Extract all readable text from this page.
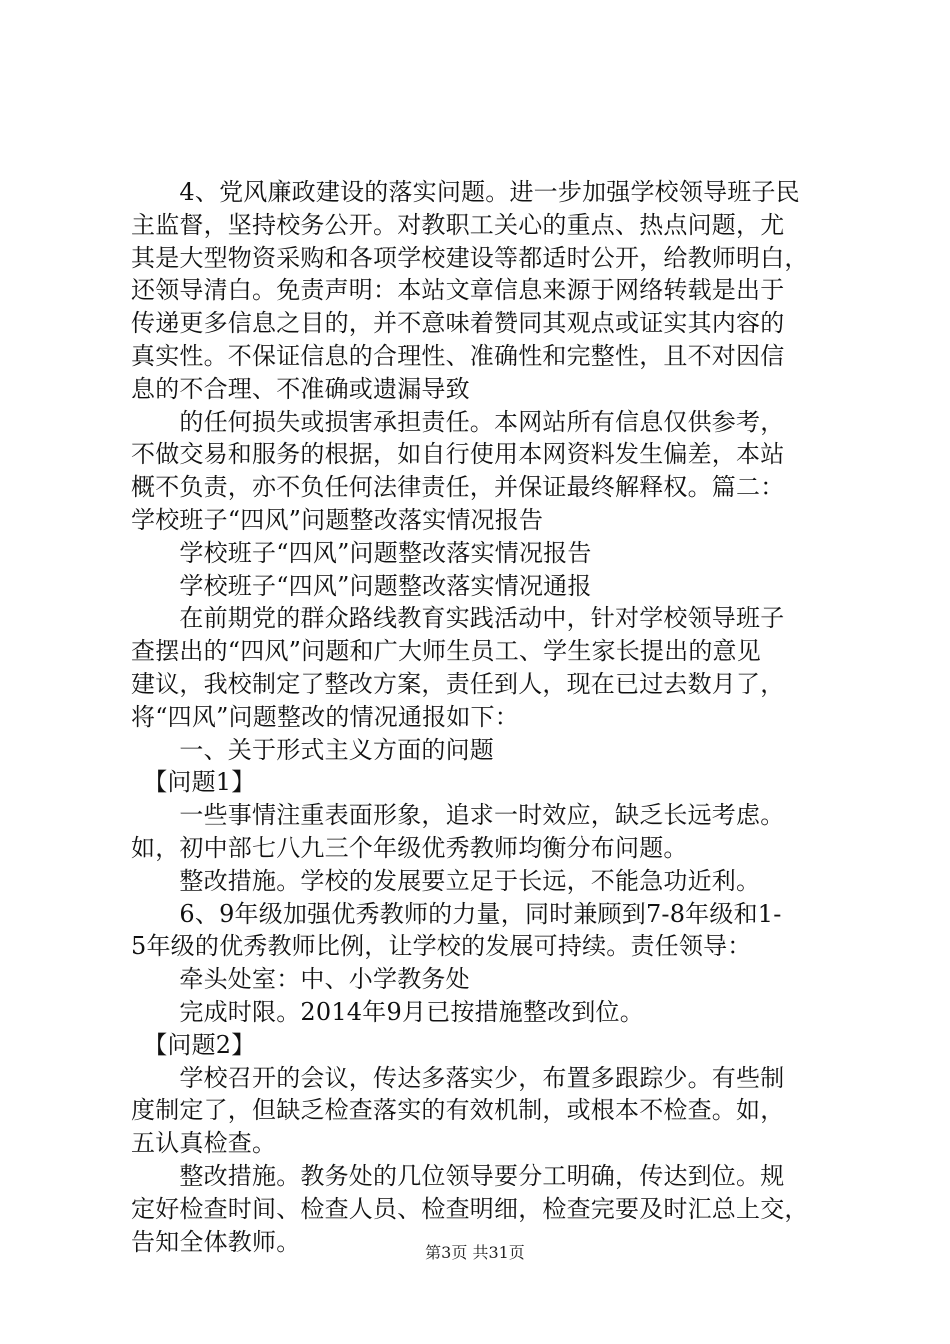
　　4、党风廉政建设的落实问题。进一步加强学校领导班子民
主监督，坚持校务公开。对教职工关心的重点、热点问题，尤
其是大型物资采购和各项学校建设等都适时公开，给教师明白，
还领导清白。免责声明：本站文章信息来源于网络转载是出于
传递更多信息之目的，并不意味着赞同其观点或证实其内容的
真实性。不保证信息的合理性、准确性和完整性，且不对因信
息的不合理、不准确或遗漏导致
　　的任何损失或损害承担责任。本网站所有信息仅供参考，
不做交易和服务的根据，如自行使用本网资料发生偏差，本站
概不负责，亦不负任何法律责任，并保证最终解释权。篇二：
学校班子“四风”问题整改落实情况报告
　　学校班子“四风”问题整改落实情况报告
　　学校班子“四风”问题整改落实情况通报
　　在前期党的群众路线教育实践活动中，针对学校领导班子
查摆出的“四风”问题和广大师生员工、学生家长提出的意见
建议，我校制定了整改方案，责任到人，现在已过去数月了，
将“四风”问题整改的情况通报如下：
　　一、关于形式主义方面的问题
　【问题1】
　　一些事情注重表面形象，追求一时效应，缺乏长远考虑。
如，初中部七八九三个年级优秀教师均衡分布问题。
　　整改措施。学校的发展要立足于长远，不能急功近利。
　　6、9年级加强优秀教师的力量，同时兼顾到7-8年级和1-
5年级的优秀教师比例，让学校的发展可持续。责任领导：
　　牵头处室：中、小学教务处
　　完成时限。2014年9月已按措施整改到位。
　【问题2】
　　学校召开的会议，传达多落实少，布置多跟踪少。有些制
度制定了，但缺乏检查落实的有效机制，或根本不检查。如，
五认真检查。
　　整改措施。教务处的几位领导要分工明确，传达到位。规
定好检查时间、检查人员、检查明细，检查完要及时汇总上交，
告知全体教师。	第3页 共31页
